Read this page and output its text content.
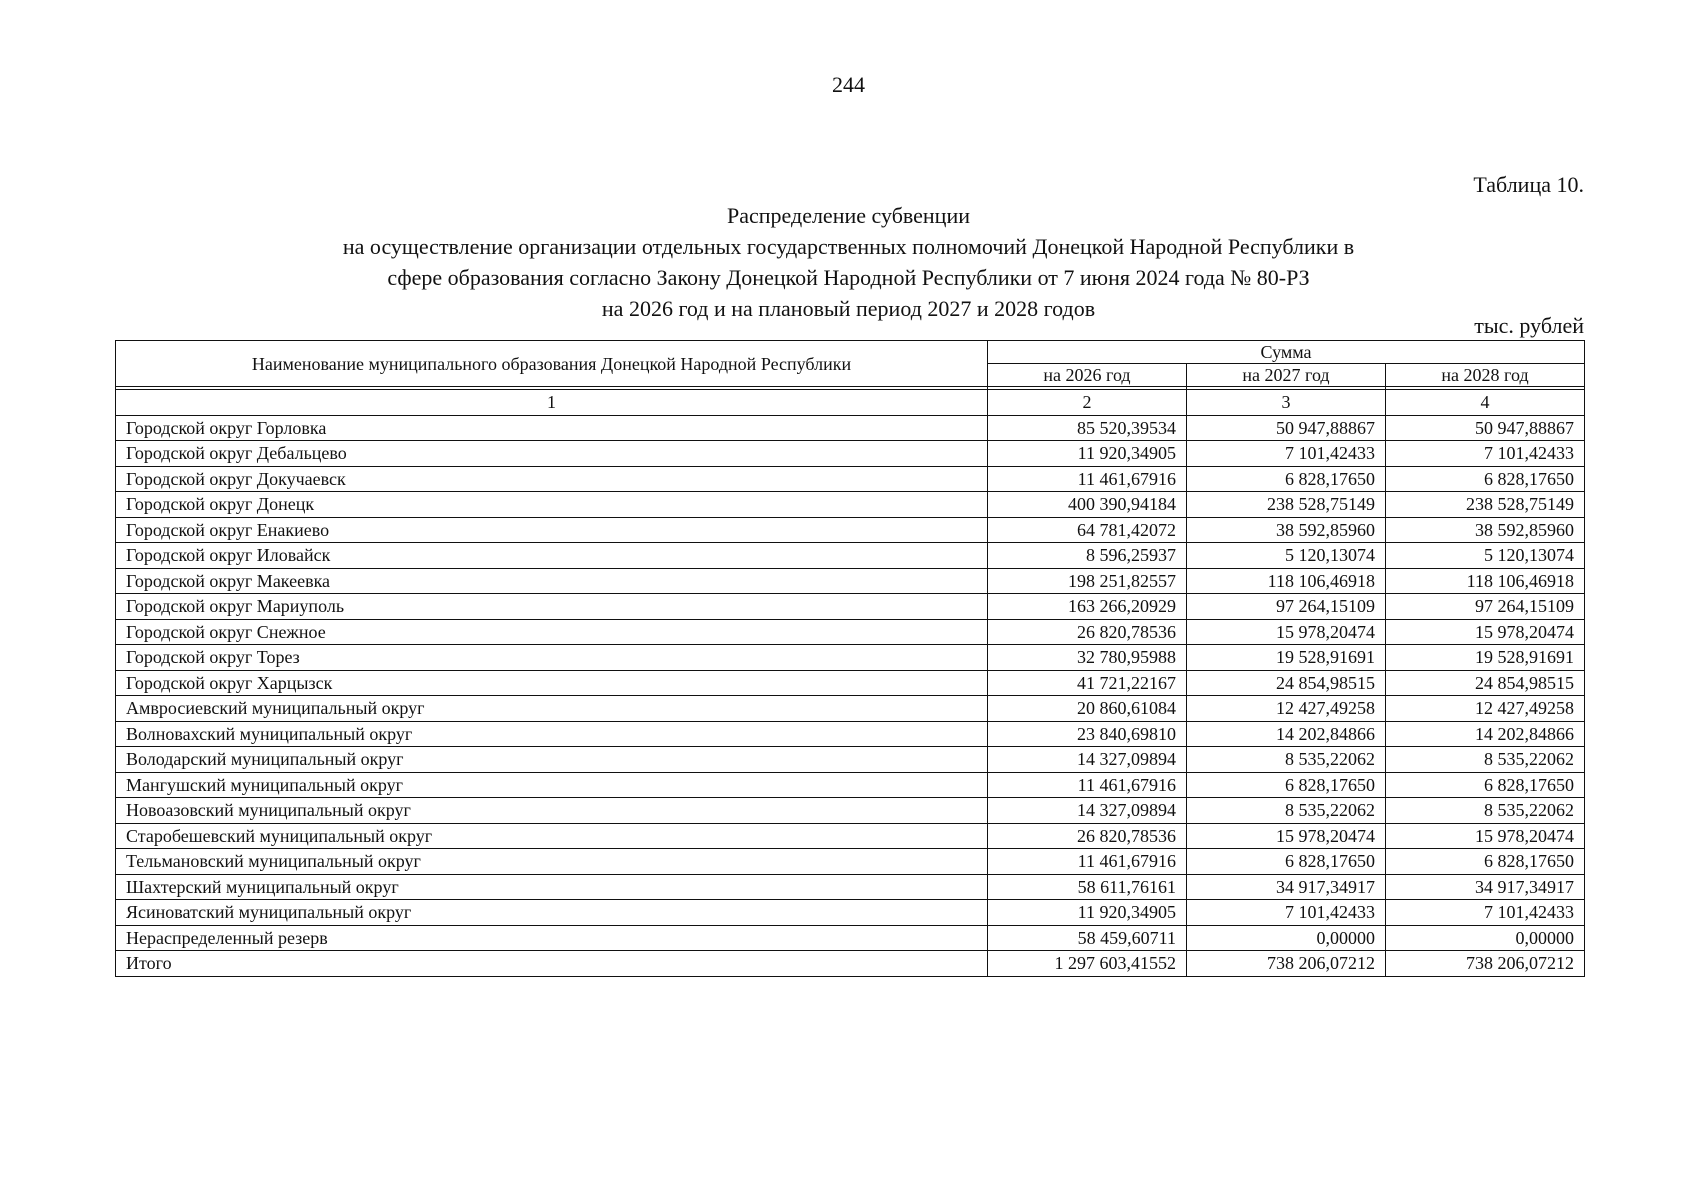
244
Таблица 10.
Распределение субвенции
на осуществление организации отдельных государственных полномочий Донецкой Народной Республики в
сфере образования согласно Закону Донецкой Народной Республики от 7 июня 2024 года № 80-РЗ
на 2026 год и на плановый период 2027 и 2028 годов
тыс. рублей
Наименование муниципального образования Донецкой Народной Республики	Сумма		
	на 2026 год	на 2027 год	на 2028 год

1	2	3	4
Городской округ Горловка	85 520,39534	50 947,88867	50 947,88867
Городской округ Дебальцево	11 920,34905	7 101,42433	7 101,42433
Городской округ Докучаевск	11 461,67916	6 828,17650	6 828,17650
Городской округ Донецк	400 390,94184	238 528,75149	238 528,75149
Городской округ Енакиево	64 781,42072	38 592,85960	38 592,85960
Городской округ Иловайск	8 596,25937	5 120,13074	5 120,13074
Городской округ Макеевка	198 251,82557	118 106,46918	118 106,46918
Городской округ Мариуполь	163 266,20929	97 264,15109	97 264,15109
Городской округ Снежное	26 820,78536	15 978,20474	15 978,20474
Городской округ Торез	32 780,95988	19 528,91691	19 528,91691
Городской округ Харцызск	41 721,22167	24 854,98515	24 854,98515
Амвросиевский муниципальный округ	20 860,61084	12 427,49258	12 427,49258
Волновахский муниципальный округ	23 840,69810	14 202,84866	14 202,84866
Володарский муниципальный округ	14 327,09894	8 535,22062	8 535,22062
Мангушский муниципальный округ	11 461,67916	6 828,17650	6 828,17650
Новоазовский муниципальный округ	14 327,09894	8 535,22062	8 535,22062
Старобешевский муниципальный округ	26 820,78536	15 978,20474	15 978,20474
Тельмановский муниципальный округ	11 461,67916	6 828,17650	6 828,17650
Шахтерский муниципальный округ	58 611,76161	34 917,34917	34 917,34917
Ясиноватский муниципальный округ	11 920,34905	7 101,42433	7 101,42433
Нераспределенный резерв	58 459,60711	0,00000	0,00000
Итого	1 297 603,41552	738 206,07212	738 206,07212
